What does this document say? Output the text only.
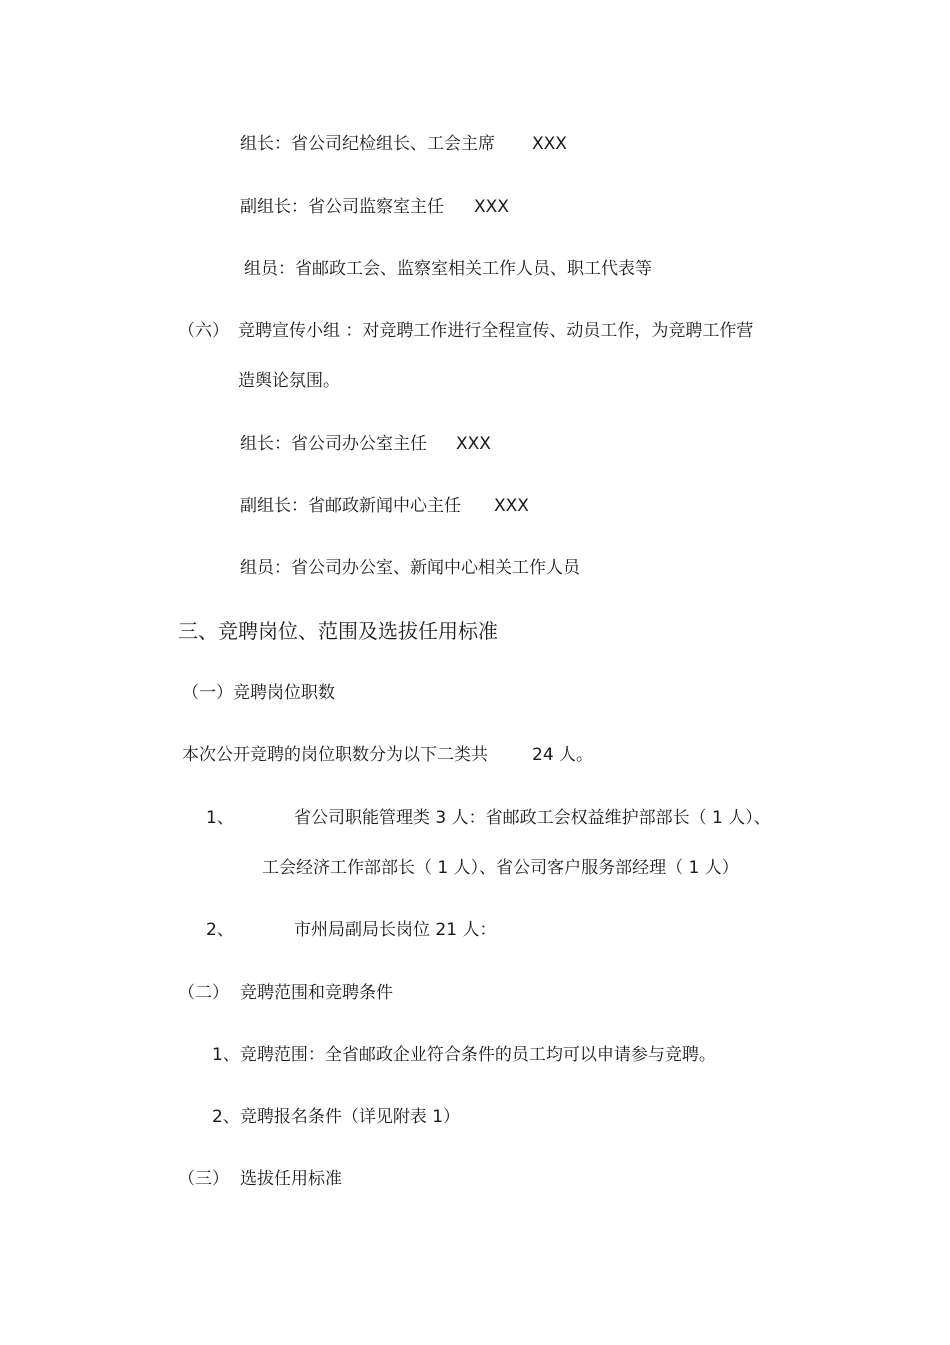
组长：省公司纪检组长、工会主席 XXX
副组长：省公司监察室主任 XXX
组员：省邮政工会、监察室相关工作人员、职工代表等
（六） 竞聘宣传小组 ：对竞聘工作进行全程宣传、动员工作，为竞聘工作营
造舆论氛围。
组长：省公司办公室主任 XXX
副组长：省邮政新闻中心主任 XXX
组员：省公司办公室、新闻中心相关工作人员
三、竞聘岗位、范围及选拔任用标准
（一）竞聘岗位职数
本次公开竞聘的岗位职数分为以下二类共	24 人。
1、	省公司职能管理类 3 人：省邮政工会权益维护部部长（ 1 人）、
工会经济工作部部长（ 1 人）、省公司客户服务部经理（ 1 人）
2、	市州局副局长岗位 21 人：
（二） 竞聘范围和竞聘条件
1、竞聘范围：全省邮政企业符合条件的员工均可以申请参与竞聘。
2、竞聘报名条件（详见附表 1）
（三） 选拔任用标准
